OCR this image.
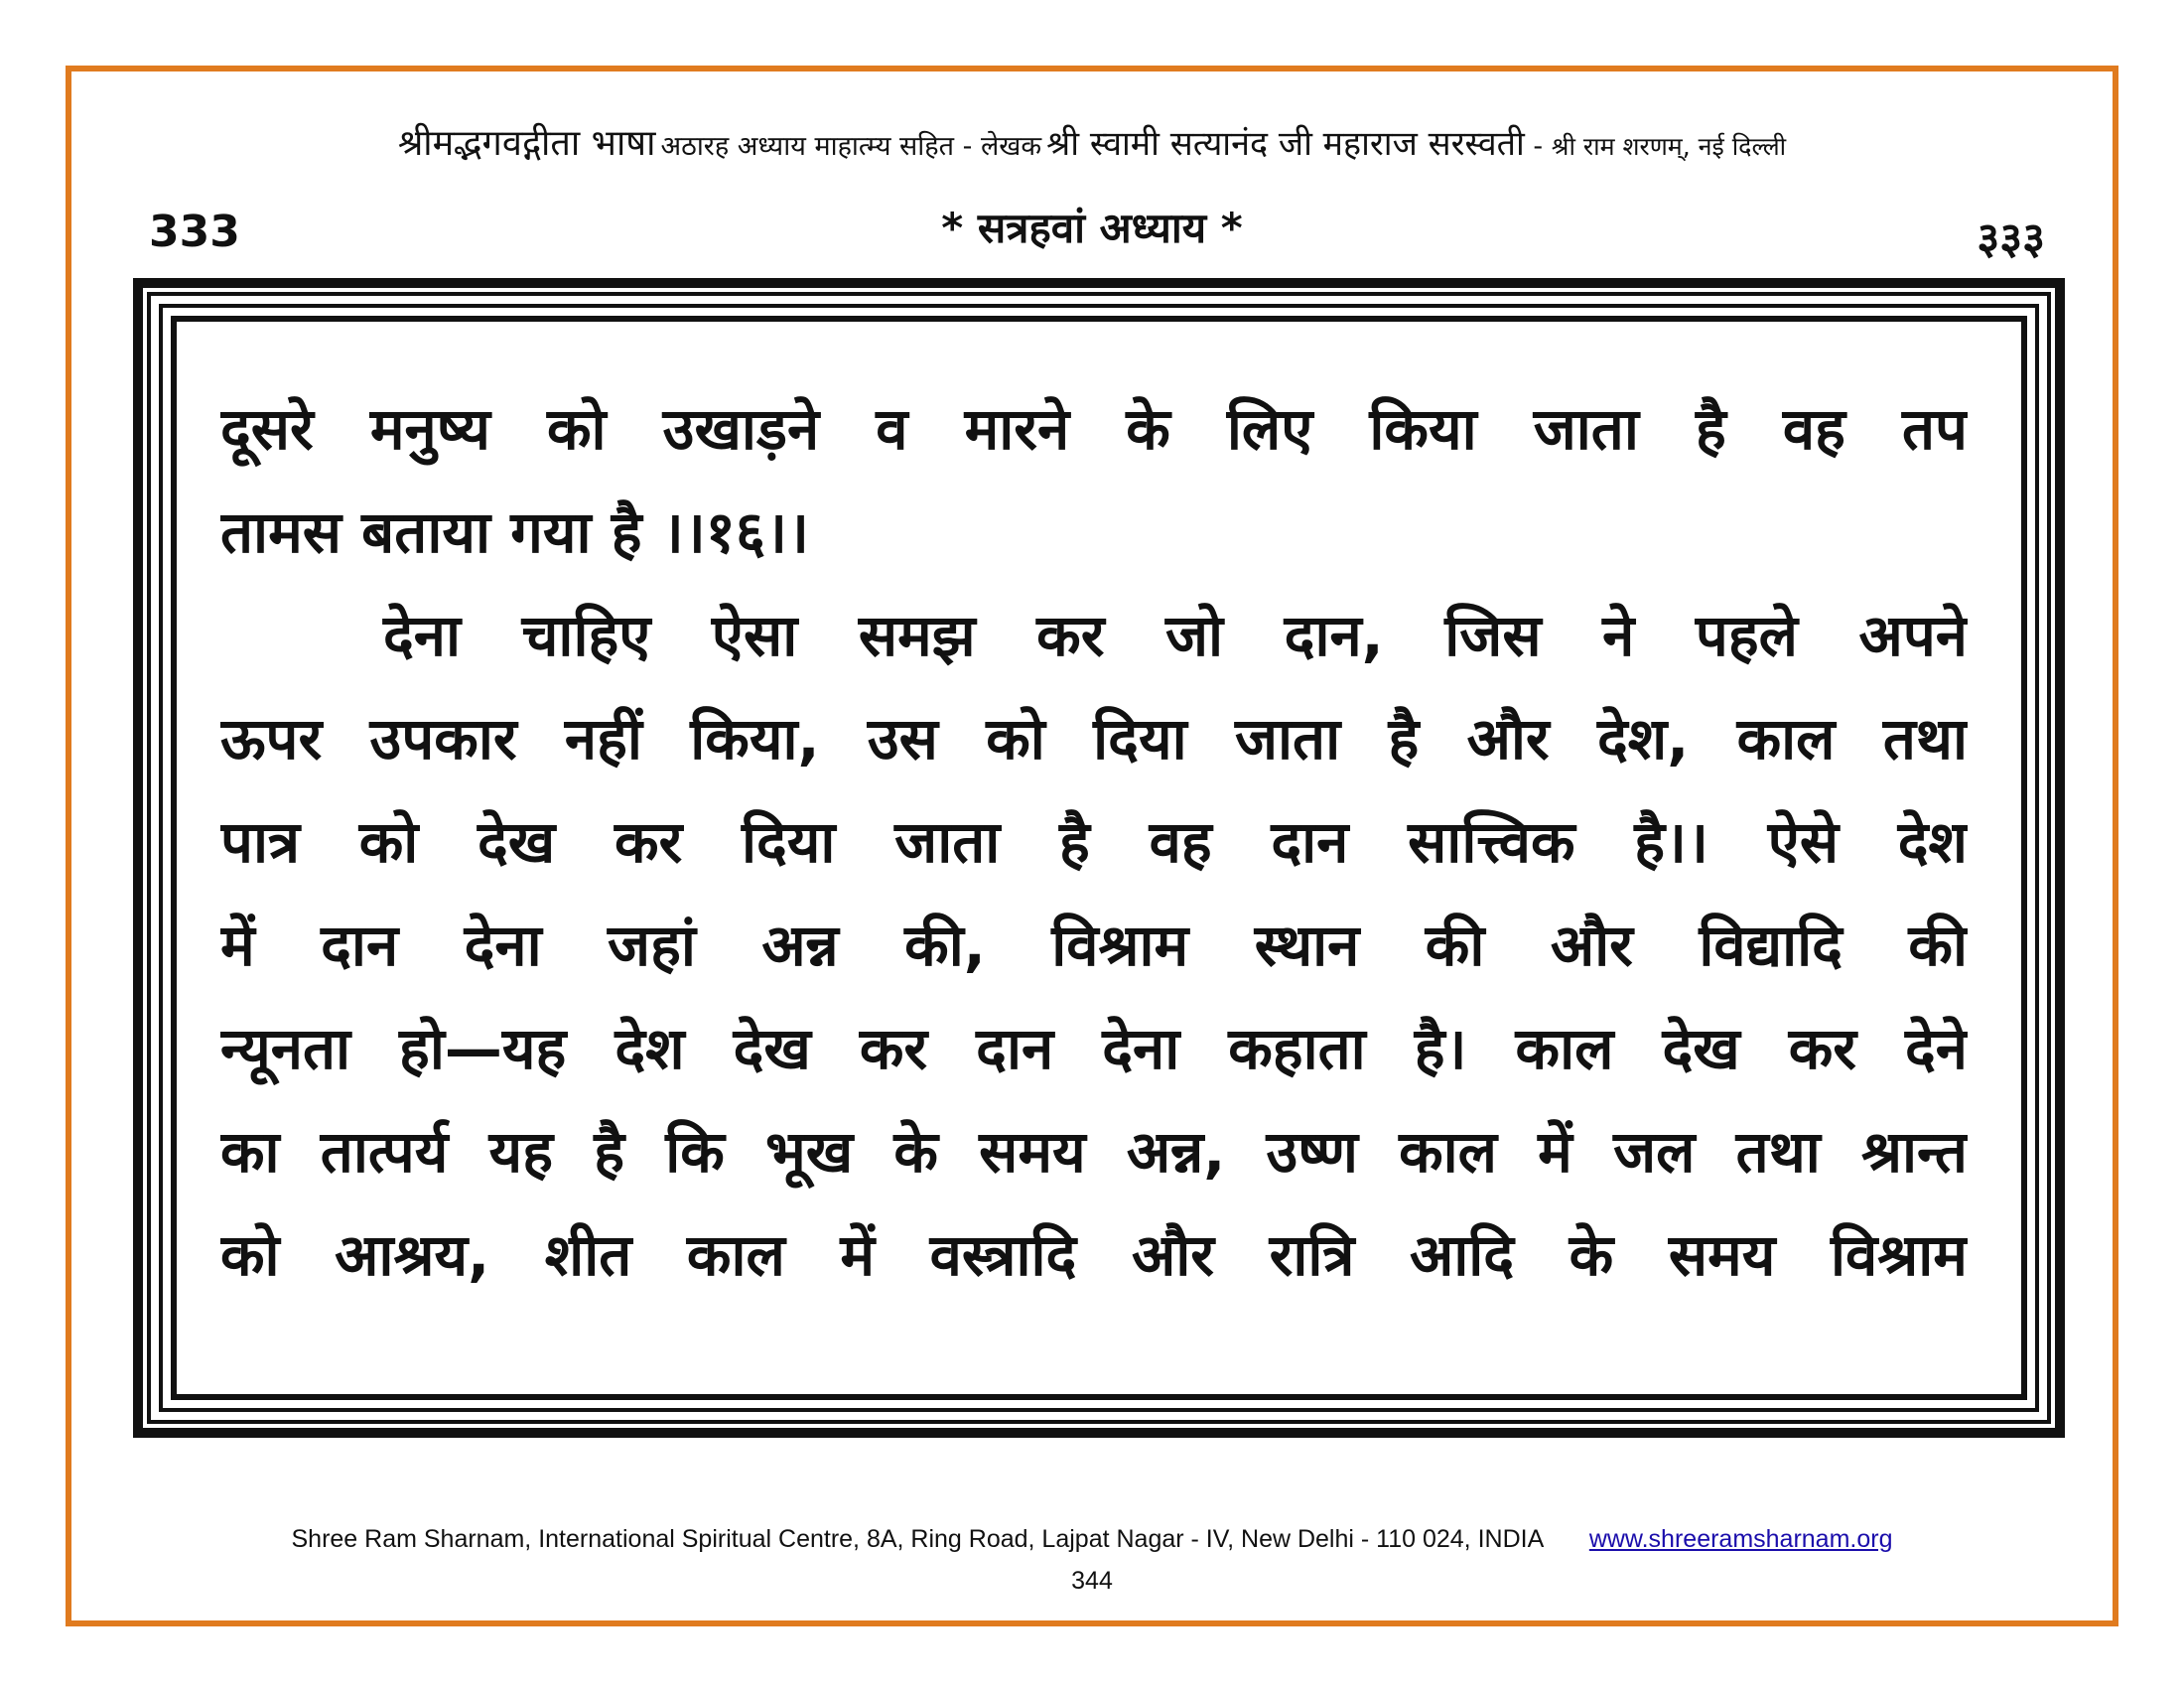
श्रीमद्भगवद्गीता भाषा अठारह अध्याय माहात्म्य सहित - लेखक श्री स्वामी सत्यानंद जी महाराज सरस्वती - श्री राम शरणम्, नई दिल्ली
333	* सत्रहवां अध्याय *	३३३
दूसरे मनुष्य को उखाड़ने व मारने के लिए किया जाता है वह तप
तामस बताया गया है ।।१६।।
देना चाहिए ऐसा समझ कर जो दान, जिस ने पहले अपने
ऊपर उपकार नहीं किया, उस को दिया जाता है और देश, काल तथा
पात्र को देख कर दिया जाता है वह दान सात्त्विक है।। ऐसे देश
में दान देना जहां अन्न की, विश्राम स्थान की और विद्यादि की
न्यूनता हो—यह देश देख कर दान देना कहाता है। काल देख कर देने
का तात्पर्य यह है कि भूख के समय अन्न, उष्ण काल में जल तथा श्रान्त
को आश्रय, शीत काल में वस्त्रादि और रात्रि आदि के समय विश्राम
Shree Ram Sharnam, International Spiritual Centre, 8A, Ring Road, Lajpat Nagar - IV, New Delhi - 110 024, INDIA www.shreeramsharnam.org
344
